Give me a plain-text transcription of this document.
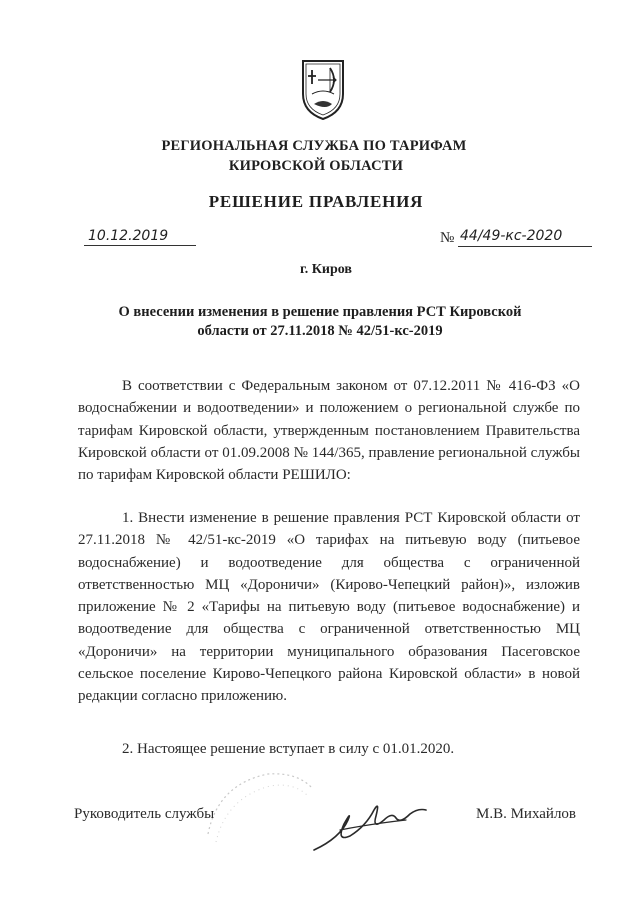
РЕГИОНАЛЬНАЯ СЛУЖБА ПО ТАРИФАМ
КИРОВСКОЙ ОБЛАСТИ
РЕШЕНИЕ ПРАВЛЕНИЯ
10.12.2019	№ 44/49-кс-2020
г. Киров
О внесении изменения в решение правления РСТ Кировской
области от 27.11.2018 № 42/51-кс-2019
В соответствии с Федеральным законом от 07.12.2011 № 416-ФЗ «О водоснабжении и водоотведении» и положением о региональной службе по тарифам Кировской области, утвержденным постановлением Правительства Кировской области от 01.09.2008 № 144/365, правление региональной службы по тарифам Кировской области РЕШИЛО:
1. Внести изменение в решение правления РСТ Кировской области от 27.11.2018 № 42/51-кс-2019 «О тарифах на питьевую воду (питьевое водоснабжение) и водоотведение для общества с ограниченной ответственностью МЦ «Дороничи» (Кирово-Чепецкий район)», изложив приложение № 2 «Тарифы на питьевую воду (питьевое водоснабжение) и водоотведение для общества с ограниченной ответственностью МЦ «Дороничи» на территории муниципального образования Пасеговское сельское поселение Кирово-Чепецкого района Кировской области» в новой редакции согласно приложению.
2. Настоящее решение вступает в силу с 01.01.2020.
Руководитель службы	М.В. Михайлов
